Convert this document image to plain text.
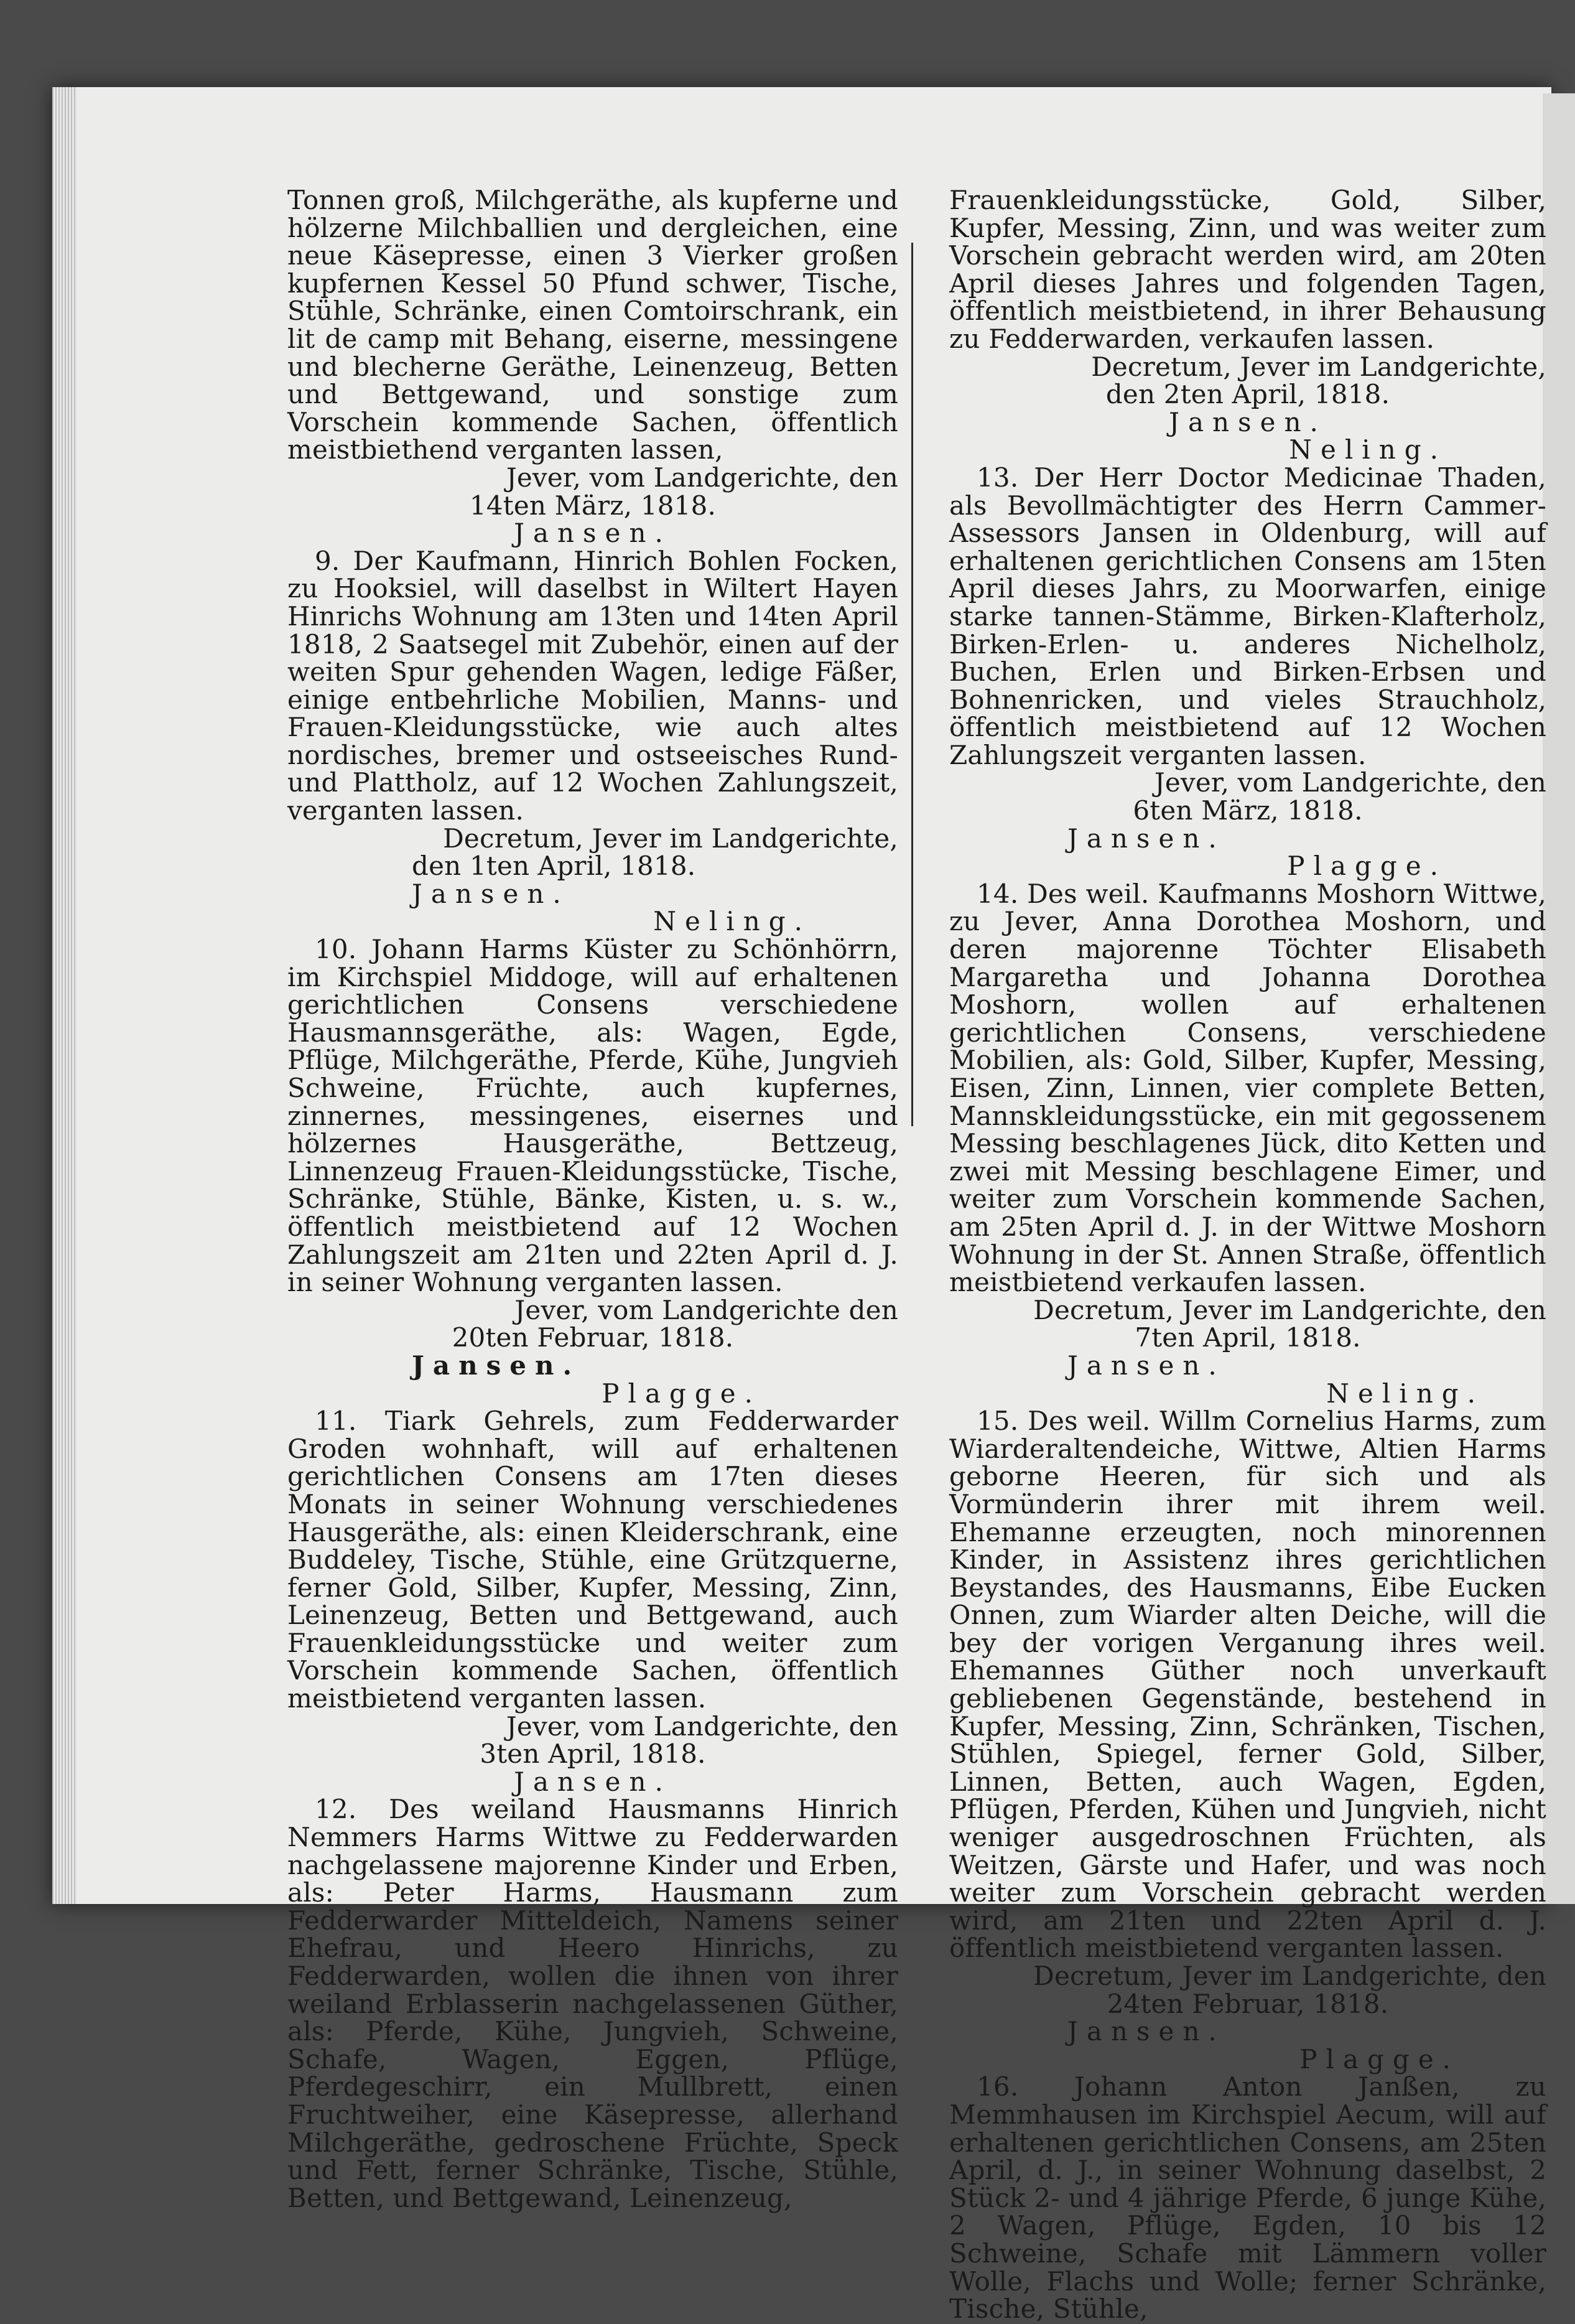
Tonnen groß, Milchgeräthe, als kupferne und hölzerne Milchballien und dergleichen, eine neue Käsepresse, einen 3 Vierker großen kupfernen Kessel 50 Pfund schwer, Tische, Stühle, Schränke, einen Comtoirschrank, ein lit de camp mit Behang, eiserne, messingene und blecherne Geräthe, Leinenzeug, Betten und Bettgewand, und sonstige zum Vorschein kommende Sachen, öffentlich meistbiethend verganten lassen,

Jever, vom Landgerichte, den

14ten März, 1818.

Jansen.

9. Der Kaufmann, Hinrich Bohlen Focken, zu Hooksiel, will daselbst in Wiltert Hayen Hinrichs Wohnung am 13ten und 14ten April 1818, 2 Saatsegel mit Zubehör, einen auf der weiten Spur gehenden Wagen, ledige Fäßer, einige entbehrliche Mobilien, Manns- und Frauen-Kleidungsstücke, wie auch altes nordisches, bremer und ostseeisches Rund- und Plattholz, auf 12 Wochen Zahlungszeit, verganten lassen.

Decretum, Jever im Landgerichte,

den 1ten April, 1818.

Jansen.

Neling.

10. Johann Harms Küster zu Schönhörrn, im Kirchspiel Middoge, will auf erhaltenen gerichtlichen Consens verschiedene Hausmannsgeräthe, als: Wagen, Egde, Pflüge, Milchgeräthe, Pferde, Kühe, Jungvieh Schweine, Früchte, auch kupfernes, zinnernes, messingenes, eisernes und hölzernes Hausgeräthe, Bettzeug, Linnenzeug Frauen-Kleidungsstücke, Tische, Schränke, Stühle, Bänke, Kisten, u. s. w., öffentlich meistbietend auf 12 Wochen Zahlungszeit am 21ten und 22ten April d. J. in seiner Wohnung verganten lassen.

Jever, vom Landgerichte den

20ten Februar, 1818.

Jansen.

Plagge.

11. Tiark Gehrels, zum Fedderwarder Groden wohnhaft, will auf erhaltenen gerichtlichen Consens am 17ten dieses Monats in seiner Wohnung verschiedenes Hausgeräthe, als: einen Kleiderschrank, eine Buddeley, Tische, Stühle, eine Grützquerne, ferner Gold, Silber, Kupfer, Messing, Zinn, Leinenzeug, Betten und Bettgewand, auch Frauenkleidungsstücke und weiter zum Vorschein kommende Sachen, öffentlich meistbietend verganten lassen.

Jever, vom Landgerichte, den

3ten April, 1818.

Jansen.

12. Des weiland Hausmanns Hinrich Nemmers Harms Wittwe zu Fedderwarden nachgelassene majorenne Kinder und Erben, als: Peter Harms, Hausmann zum Fedderwarder Mitteldeich, Namens seiner Ehefrau, und Heero Hinrichs, zu Fedderwarden, wollen die ihnen von ihrer weiland Erblasserin nachgelassenen Güther, als: Pferde, Kühe, Jungvieh, Schweine, Schafe, Wagen, Eggen, Pflüge, Pferdegeschirr, ein Mullbrett, einen Fruchtweiher, eine Käsepresse, allerhand Milchgeräthe, gedroschene Früchte, Speck und Fett, ferner Schränke, Tische, Stühle, Betten, und Bettgewand, Leinenzeug,

Frauenkleidungsstücke, Gold, Silber, Kupfer, Messing, Zinn, und was weiter zum Vorschein gebracht werden wird, am 20ten April dieses Jahres und folgenden Tagen, öffentlich meistbietend, in ihrer Behausung zu Fedderwarden, verkaufen lassen.

Decretum, Jever im Landgerichte,

den 2ten April, 1818.

Jansen.

Neling.

13. Der Herr Doctor Medicinae Thaden, als Bevollmächtigter des Herrn Cammer-Assessors Jansen in Oldenburg, will auf erhaltenen gerichtlichen Consens am 15ten April dieses Jahrs, zu Moorwarfen, einige starke tannen-Stämme, Birken-Klafterholz, Birken-Erlen- u. anderes Nichelholz, Buchen, Erlen und Birken-Erbsen und Bohnenricken, und vieles Strauchholz, öffentlich meistbietend auf 12 Wochen Zahlungszeit verganten lassen.

Jever, vom Landgerichte, den

6ten März, 1818.

Jansen.

Plagge.

14. Des weil. Kaufmanns Moshorn Wittwe, zu Jever, Anna Dorothea Moshorn, und deren majorenne Töchter Elisabeth Margaretha und Johanna Dorothea Moshorn, wollen auf erhaltenen gerichtlichen Consens, verschiedene Mobilien, als: Gold, Silber, Kupfer, Messing, Eisen, Zinn, Linnen, vier complete Betten, Mannskleidungsstücke, ein mit gegossenem Messing beschlagenes Jück, dito Ketten und zwei mit Messing beschlagene Eimer, und weiter zum Vorschein kommende Sachen, am 25ten April d. J. in der Wittwe Moshorn Wohnung in der St. Annen Straße, öffentlich meistbietend verkaufen lassen.

Decretum, Jever im Landgerichte, den

7ten April, 1818.

Jansen.

Neling.

15. Des weil. Willm Cornelius Harms, zum Wiarderaltendeiche, Wittwe, Altien Harms geborne Heeren, für sich und als Vormünderin ihrer mit ihrem weil. Ehemanne erzeugten, noch minorennen Kinder, in Assistenz ihres gerichtlichen Beystandes, des Hausmanns, Eibe Eucken Onnen, zum Wiarder alten Deiche, will die bey der vorigen Verganung ihres weil. Ehemannes Güther noch unverkauft gebliebenen Gegenstände, bestehend in Kupfer, Messing, Zinn, Schränken, Tischen, Stühlen, Spiegel, ferner Gold, Silber, Linnen, Betten, auch Wagen, Egden, Pflügen, Pferden, Kühen und Jungvieh, nicht weniger ausgedroschnen Früchten, als Weitzen, Gärste und Hafer, und was noch weiter zum Vorschein gebracht werden wird, am 21ten und 22ten April d. J. öffentlich meistbietend verganten lassen.

Decretum, Jever im Landgerichte, den

24ten Februar, 1818.

Jansen.

Plagge.

16. Johann Anton Janßen, zu Memmhausen im Kirchspiel Aecum, will auf erhaltenen gerichtlichen Consens, am 25ten April, d. J., in seiner Wohnung daselbst, 2 Stück 2- und 4 jährige Pferde, 6 junge Kühe, 2 Wagen, Pflüge, Egden, 10 bis 12 Schweine, Schafe mit Lämmern voller Wolle, Flachs und Wolle; ferner Schränke, Tische, Stühle,
